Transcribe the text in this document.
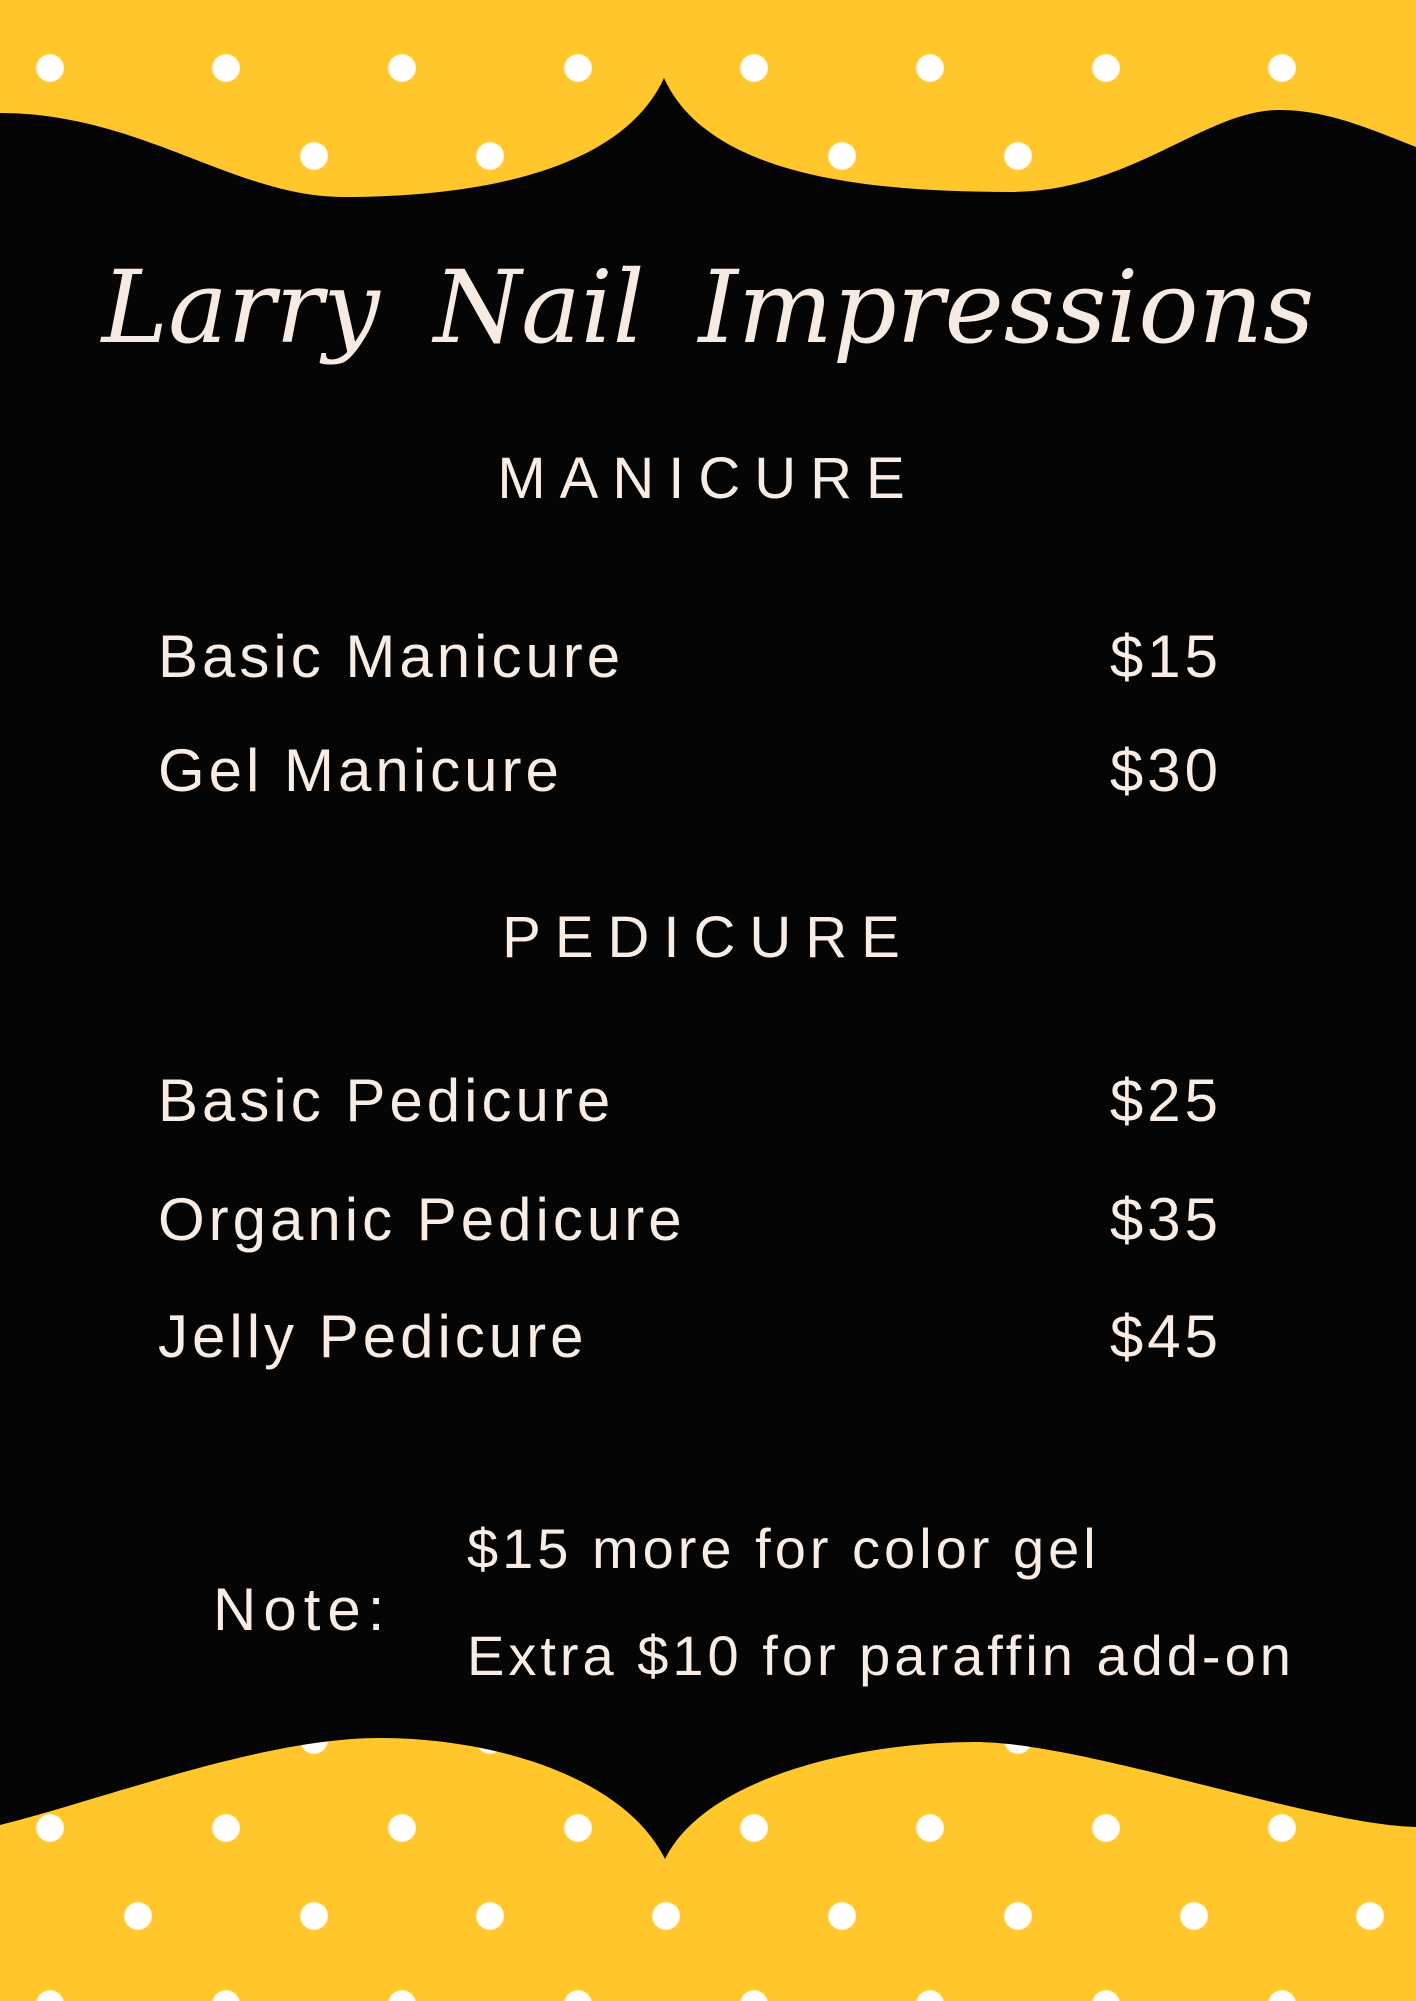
Larry Nail Impressions
MANICURE
Basic Manicure	$15
Gel Manicure	$30
PEDICURE
Basic Pedicure	$25
Organic Pedicure	$35
Jelly Pedicure	$45
Note:
$15 more for color gel
Extra $10 for paraffin add-on
